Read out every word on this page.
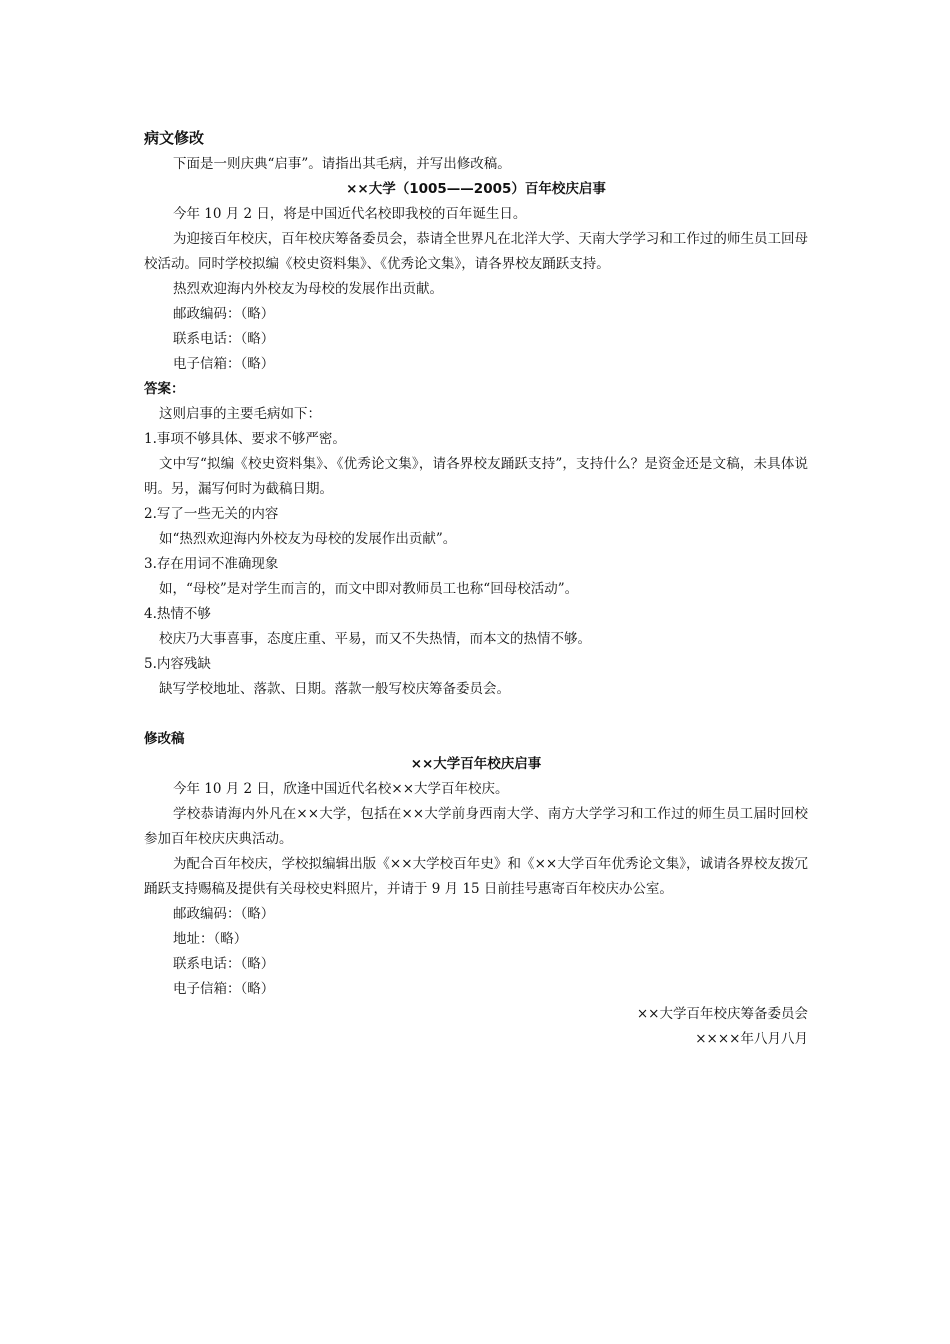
病文修改
下面是一则庆典“启事”。请指出其毛病，并写出修改稿。
××大学（1005——2005）百年校庆启事
今年 10 月 2 日，将是中国近代名校即我校的百年诞生日。
为迎接百年校庆，百年校庆筹备委员会，恭请全世界凡在北洋大学、天南大学学习和工作过的师生员工回母校活动。同时学校拟编《校史资料集》、《优秀论文集》，请各界校友踊跃支持。
热烈欢迎海内外校友为母校的发展作出贡献。
邮政编码：（略）
联系电话：（略）
电子信箱：（略）
答案：
这则启事的主要毛病如下：
1.事项不够具体、要求不够严密。
文中写“拟编《校史资料集》、《优秀论文集》，请各界校友踊跃支持”，支持什么？是资金还是文稿，未具体说明。另，漏写何时为截稿日期。
2.写了一些无关的内容
如“热烈欢迎海内外校友为母校的发展作出贡献”。
3.存在用词不准确现象
如，“母校”是对学生而言的，而文中即对教师员工也称“回母校活动”。
4.热情不够
校庆乃大事喜事，态度庄重、平易，而又不失热情，而本文的热情不够。
5.内容残缺
缺写学校地址、落款、日期。落款一般写校庆筹备委员会。
修改稿
××大学百年校庆启事
今年 10 月 2 日，欣逢中国近代名校××大学百年校庆。
学校恭请海内外凡在××大学，包括在××大学前身西南大学、南方大学学习和工作过的师生员工届时回校参加百年校庆庆典活动。
为配合百年校庆，学校拟编辑出版《××大学校百年史》和《××大学百年优秀论文集》，诚请各界校友拨冗踊跃支持赐稿及提供有关母校史料照片，并请于 9 月 15 日前挂号惠寄百年校庆办公室。
邮政编码：（略）
地址：（略）
联系电话：（略）
电子信箱：（略）
××大学百年校庆筹备委员会
××××年八月八月
